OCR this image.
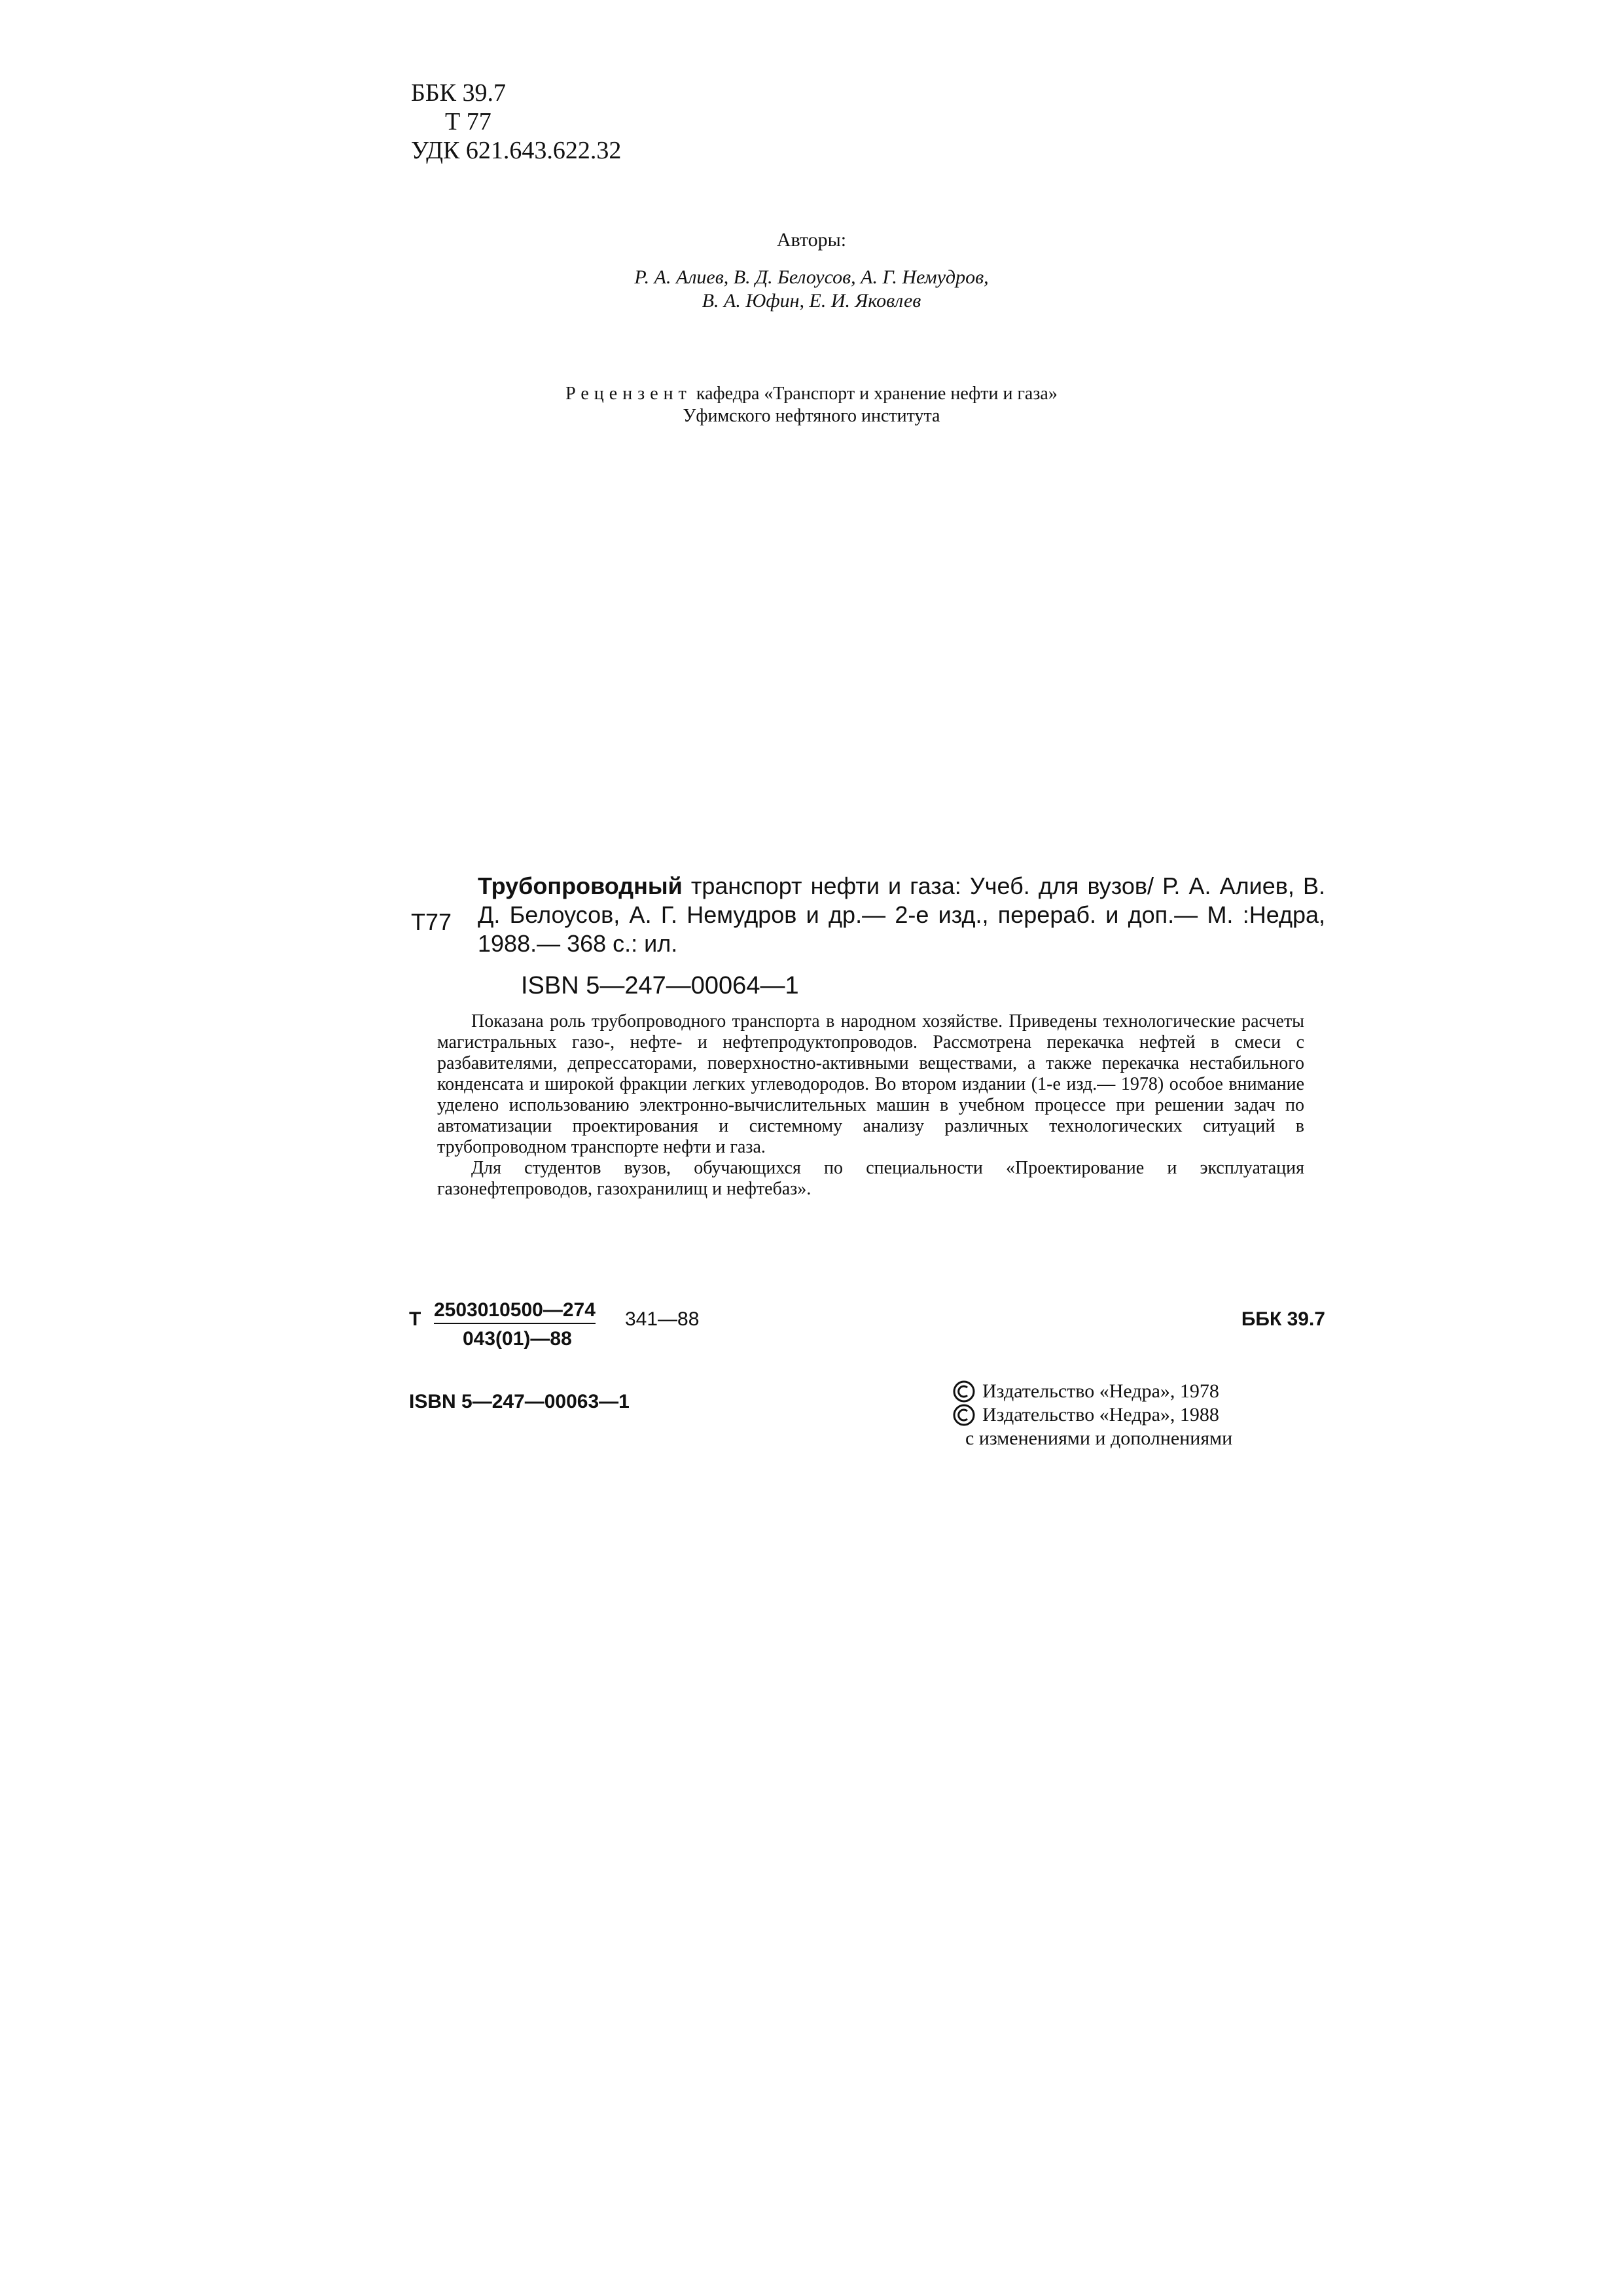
ББК 39.7
Т 77
УДК 621.643.622.32
Авторы:
Р. А. Алиев, В. Д. Белоусов, А. Г. Немудров,
В. А. Юфин, Е. И. Яковлев
Рецензент кафедра «Транспорт и хранение нефти и газа»
Уфимского нефтяного института
Т77
Трубопроводный транспорт нефти и газа: Учеб. для вузов/ Р. А. Алиев, В. Д. Белоусов, А. Г. Немудров и др.— 2-е изд., перераб. и доп.— М. :Недра, 1988.— 368 с.: ил.
ISBN 5—247—00064—1

Показана роль трубопроводного транспорта в народном хозяйстве. Приведены технологические расчеты магистральных газо-, нефте- и нефтепродуктопроводов. Рассмотрена перекачка нефтей в смеси с разбавителями, депрессаторами, поверхностно-активными веществами, а также перекачка нестабильного конденсата и широкой фракции легких углеводородов. Во втором издании (1-е изд.— 1978) особое внимание уделено использованию электронно-вычислительных машин в учебном процессе при решении задач по автоматизации проектирования и системному анализу различных технологических ситуаций в трубопроводном транспорте нефти и газа.

Для студентов вузов, обучающихся по специальности «Проектирование и эксплуатация газонефтепроводов, газохранилищ и нефтебаз».

Т 2503010500—274
043(01)—88
341—88	ББК 39.7
ISBN 5—247—00063—1	Издательство «Недра», 1978
Издательство «Недра», 1988
с изменениями и дополнениями
